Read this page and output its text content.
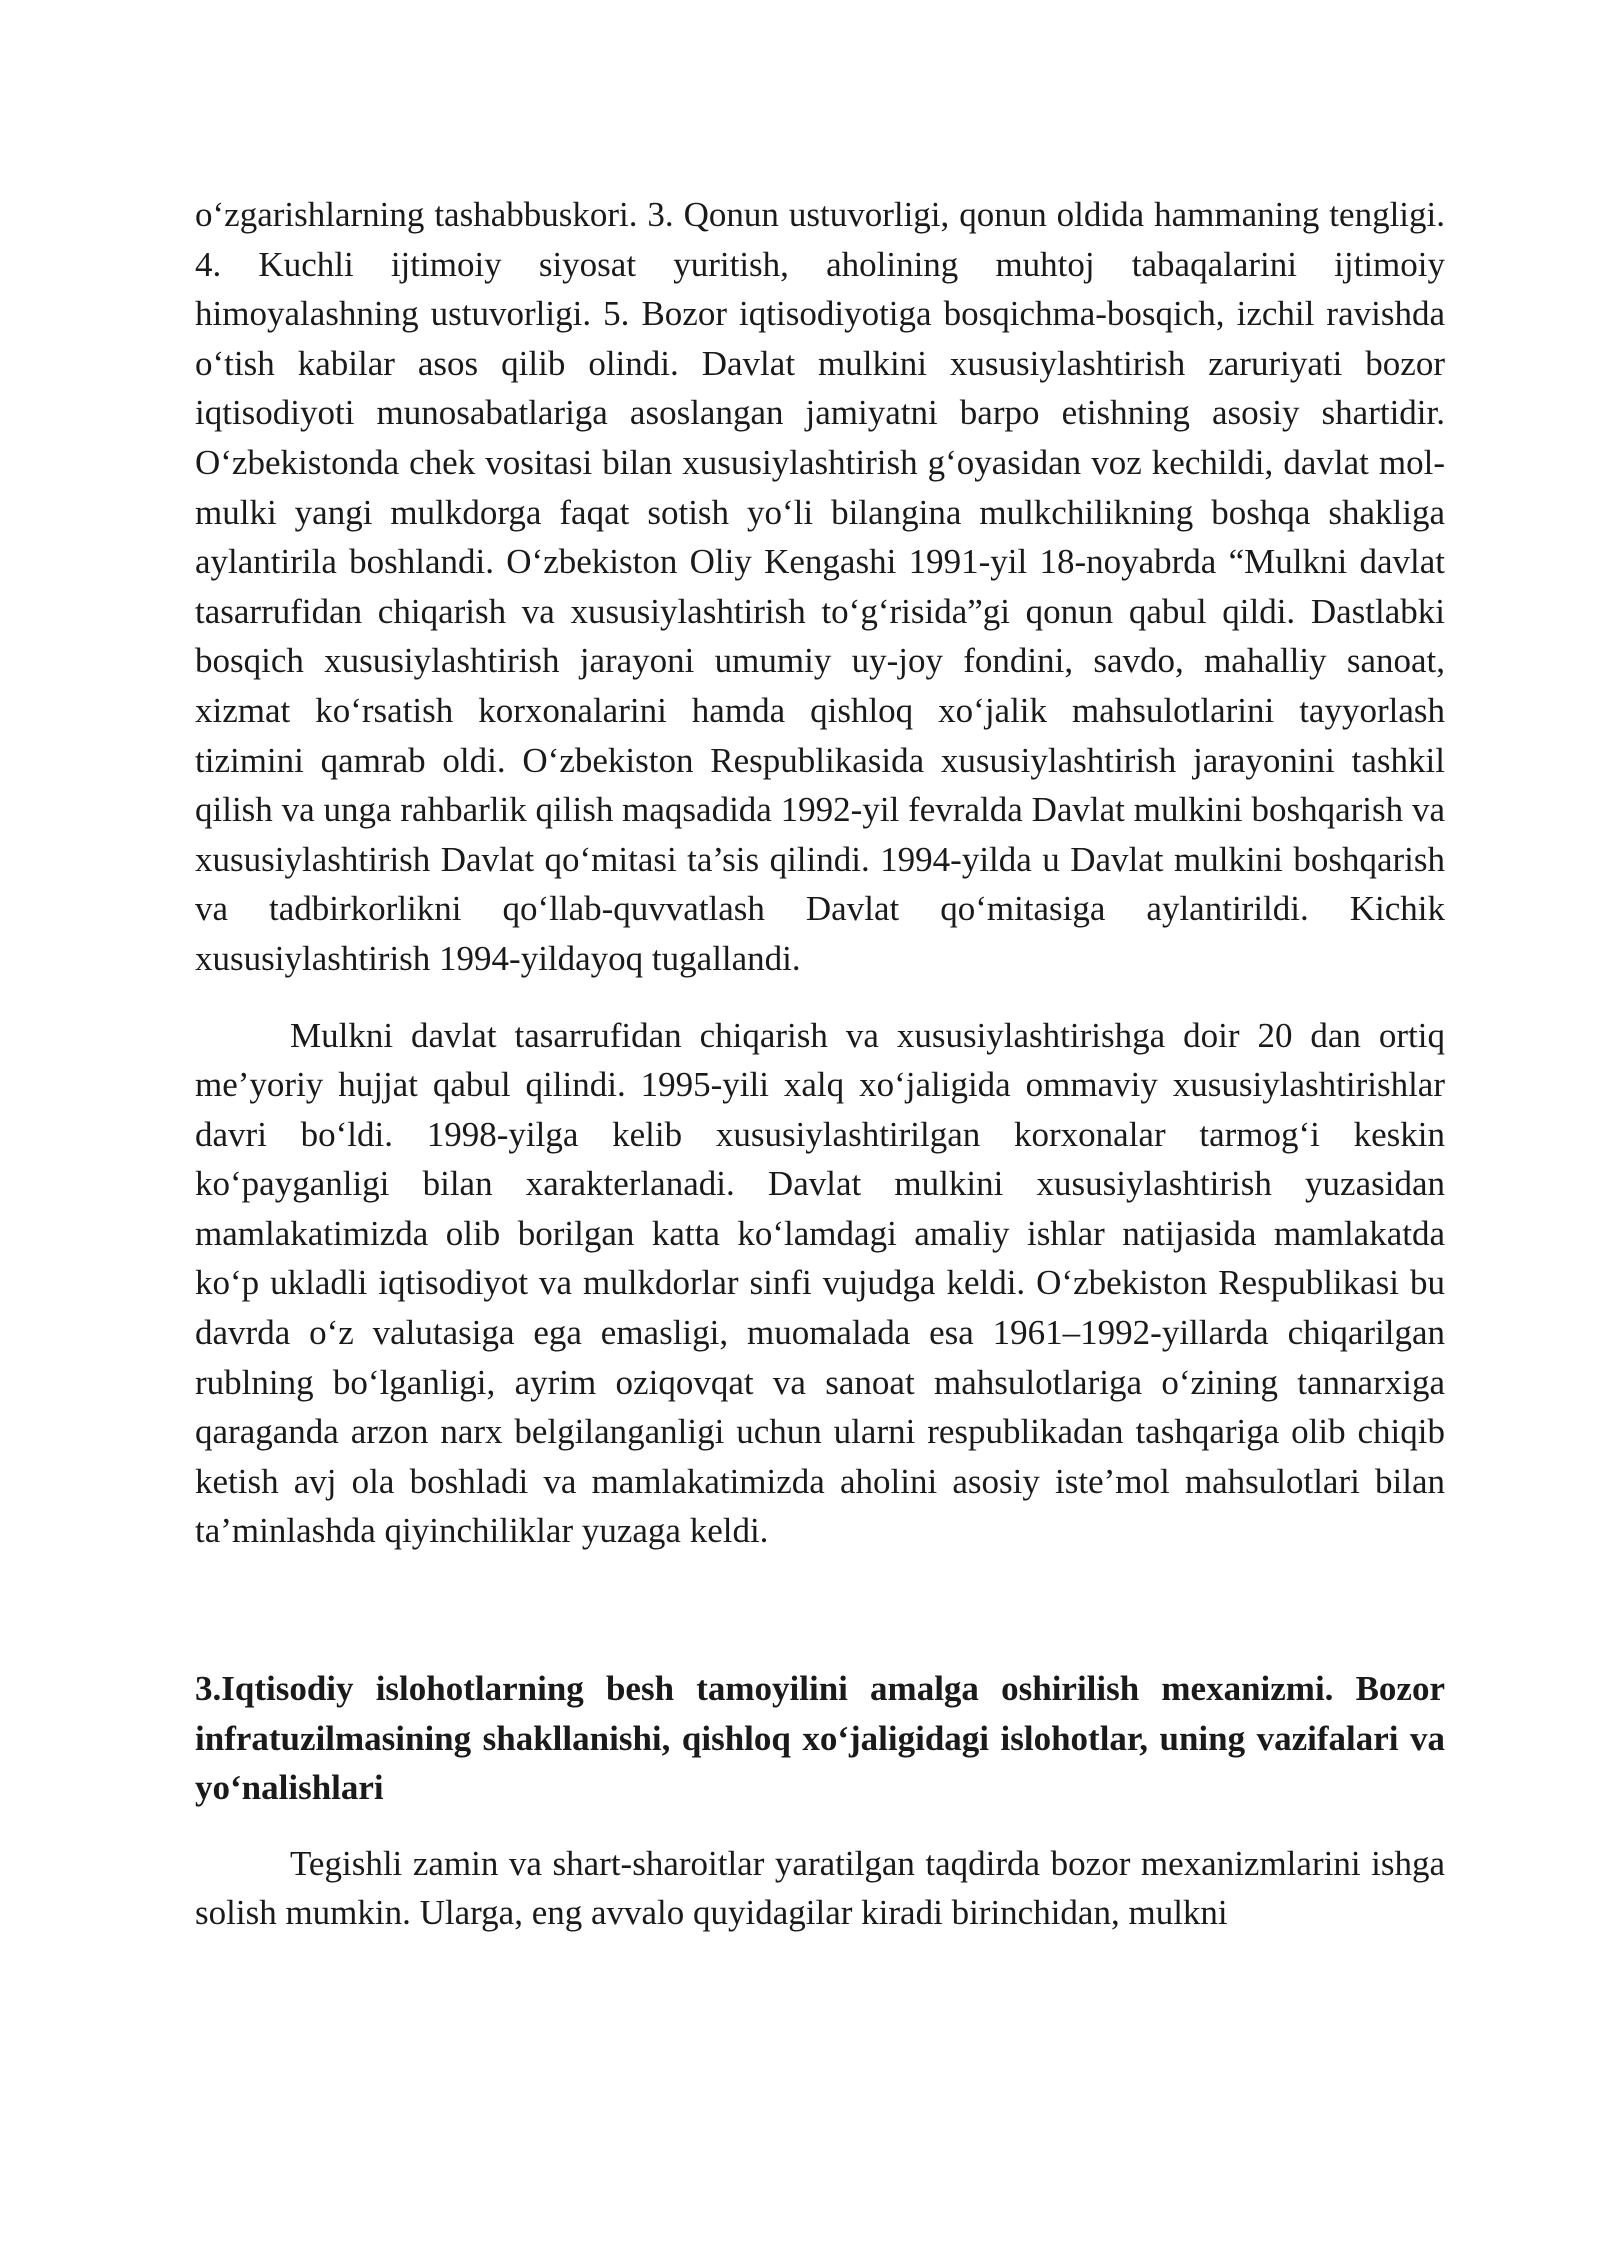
o‘zgarishlarning tashabbuskori. 3. Qonun ustuvorligi, qonun oldida hammaning tengligi. 4. Kuchli ijtimoiy siyosat yuritish, aholining muhtoj tabaqalarini ijtimoiy himoyalashning ustuvorligi. 5. Bozor iqtisodiyotiga bosqichma-bosqich, izchil ravishda o‘tish kabilar asos qilib olindi. Davlat mulkini xususiylashtirish zaruriyati bozor iqtisodiyoti munosabatlariga asoslangan jamiyatni barpo etishning asosiy shartidir. O‘zbekistonda chek vositasi bilan xususiylashtirish g‘oyasidan voz kechildi, davlat mol-mulki yangi mulkdorga faqat sotish yo‘li bilangina mulkchilikning boshqa shakliga aylantirila boshlandi. O‘zbekiston Oliy Kengashi 1991-yil 18-noyabrda “Mulkni davlat tasarrufidan chiqarish va xususiylashtirish to‘g‘risida”gi qonun qabul qildi. Dastlabki bosqich xususiylashtirish jarayoni umumiy uy-joy fondini, savdo, mahalliy sanoat, xizmat ko‘rsatish korxonalarini hamda qishloq xo‘jalik mahsulotlarini tayyorlash tizimini qamrab oldi. O‘zbekiston Respublikasida xususiylashtirish jarayonini tashkil qilish va unga rahbarlik qilish maqsadida 1992-yil fevralda Davlat mulkini boshqarish va xususiylashtirish Davlat qo‘mitasi ta’sis qilindi. 1994-yilda u Davlat mulkini boshqarish va tadbirkorlikni qo‘llab-quvvatlash Davlat qo‘mitasiga aylantirildi. Kichik xususiylashtirish 1994-yildayoq tugallandi.

Mulkni davlat tasarrufidan chiqarish va xususiylashtirishga doir 20 dan ortiq me’yoriy hujjat qabul qilindi. 1995-yili xalq xo‘jaligida ommaviy xususiylashtirishlar davri bo‘ldi. 1998-yilga kelib xususiylashtirilgan korxonalar tarmog‘i keskin ko‘payganligi bilan xarakterlanadi. Davlat mulkini xususiylashtirish yuzasidan mamlakatimizda olib borilgan katta ko‘lamdagi amaliy ishlar natijasida mamlakatda ko‘p ukladli iqtisodiyot va mulkdorlar sinfi vujudga keldi. O‘zbekiston Respublikasi bu davrda o‘z valutasiga ega emasligi, muomalada esa 1961–1992-yillarda chiqarilgan rublning bo‘lganligi, ayrim oziqovqat va sanoat mahsulotlariga o‘zining tannarxiga qaraganda arzon narx belgilanganligi uchun ularni respublikadan tashqariga olib chiqib ketish avj ola boshladi va mamlakatimizda aholini asosiy iste’mol mahsulotlari bilan ta’minlashda qiyinchiliklar yuzaga keldi.

3.Iqtisodiy islohotlarning besh tamoyilini amalga oshirilish mexanizmi. Bozor infratuzilmasining shakllanishi, qishloq xo‘jaligidagi islohotlar, uning vazifalari va yo‘nalishlari

Tegishli zamin va shart-sharoitlar yaratilgan taqdirda bozor mexanizmlarini ishga solish mumkin. Ularga, eng avvalo quyidagilar kiradi birinchidan, mulkni
